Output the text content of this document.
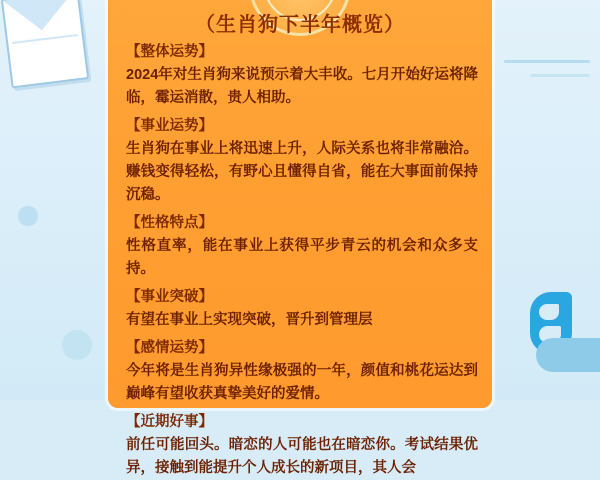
（生肖狗下半年概览）
【整体运势】
2024年对生肖狗来说预示着大丰收。七月开始好运将降临，霉运消散，贵人相助。
【事业运势】
生肖狗在事业上将迅速上升，人际关系也将非常融洽。赚钱变得轻松，有野心且懂得自省，能在大事面前保持沉稳。
【性格特点】
性格直率，能在事业上获得平步青云的机会和众多支持。
【事业突破】
有望在事业上实现突破，晋升到管理层
【感情运势】
今年将是生肖狗异性缘极强的一年，颜值和桃花运达到巅峰有望收获真挚美好的爱情。
【近期好事】
前任可能回头。暗恋的人可能也在暗恋你。考试结果优异，接触到能提升个人成长的新项目，其人会
